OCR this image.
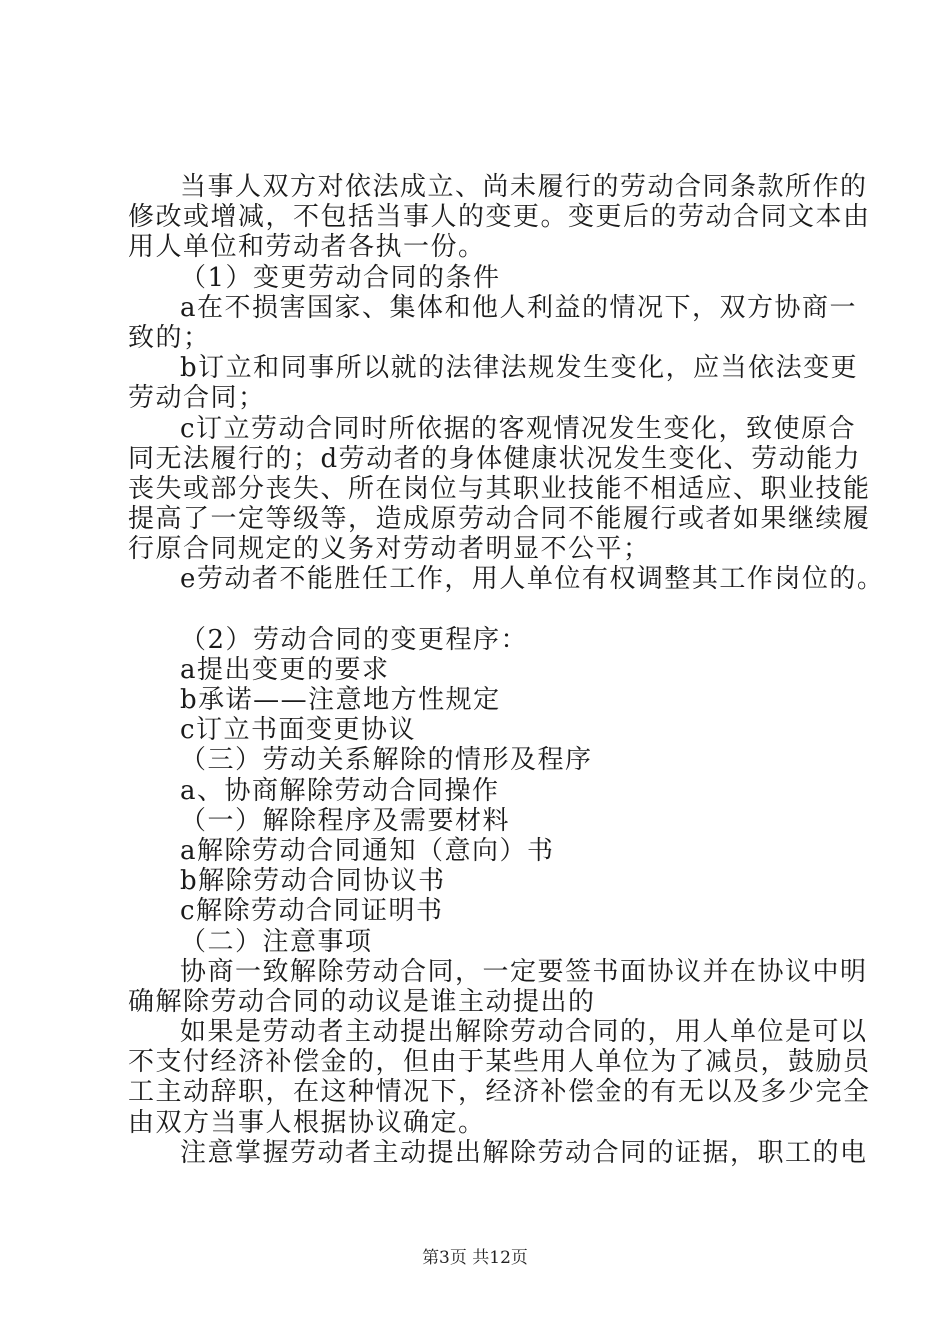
当事人双方对依法成立、尚未履行的劳动合同条款所作的
修改或增减，不包括当事人的变更。变更后的劳动合同文本由
用人单位和劳动者各执一份。
（1）变更劳动合同的条件
a在不损害国家、集体和他人利益的情况下，双方协商一
致的；
b订立和同事所以就的法律法规发生变化，应当依法变更
劳动合同；
c订立劳动合同时所依据的客观情况发生变化，致使原合
同无法履行的；d劳动者的身体健康状况发生变化、劳动能力
丧失或部分丧失、所在岗位与其职业技能不相适应、职业技能
提高了一定等级等，造成原劳动合同不能履行或者如果继续履
行原合同规定的义务对劳动者明显不公平；
e劳动者不能胜任工作，用人单位有权调整其工作岗位的。
（2）劳动合同的变更程序：
a提出变更的要求
b承诺——注意地方性规定
c订立书面变更协议
（三）劳动关系解除的情形及程序
a、协商解除劳动合同操作
（一）解除程序及需要材料
a解除劳动合同通知（意向）书
b解除劳动合同协议书
c解除劳动合同证明书
（二）注意事项
协商一致解除劳动合同，一定要签书面协议并在协议中明
确解除劳动合同的动议是谁主动提出的
如果是劳动者主动提出解除劳动合同的，用人单位是可以
不支付经济补偿金的，但由于某些用人单位为了减员，鼓励员
工主动辞职，在这种情况下，经济补偿金的有无以及多少完全
由双方当事人根据协议确定。
注意掌握劳动者主动提出解除劳动合同的证据，职工的电
第3页 共12页
